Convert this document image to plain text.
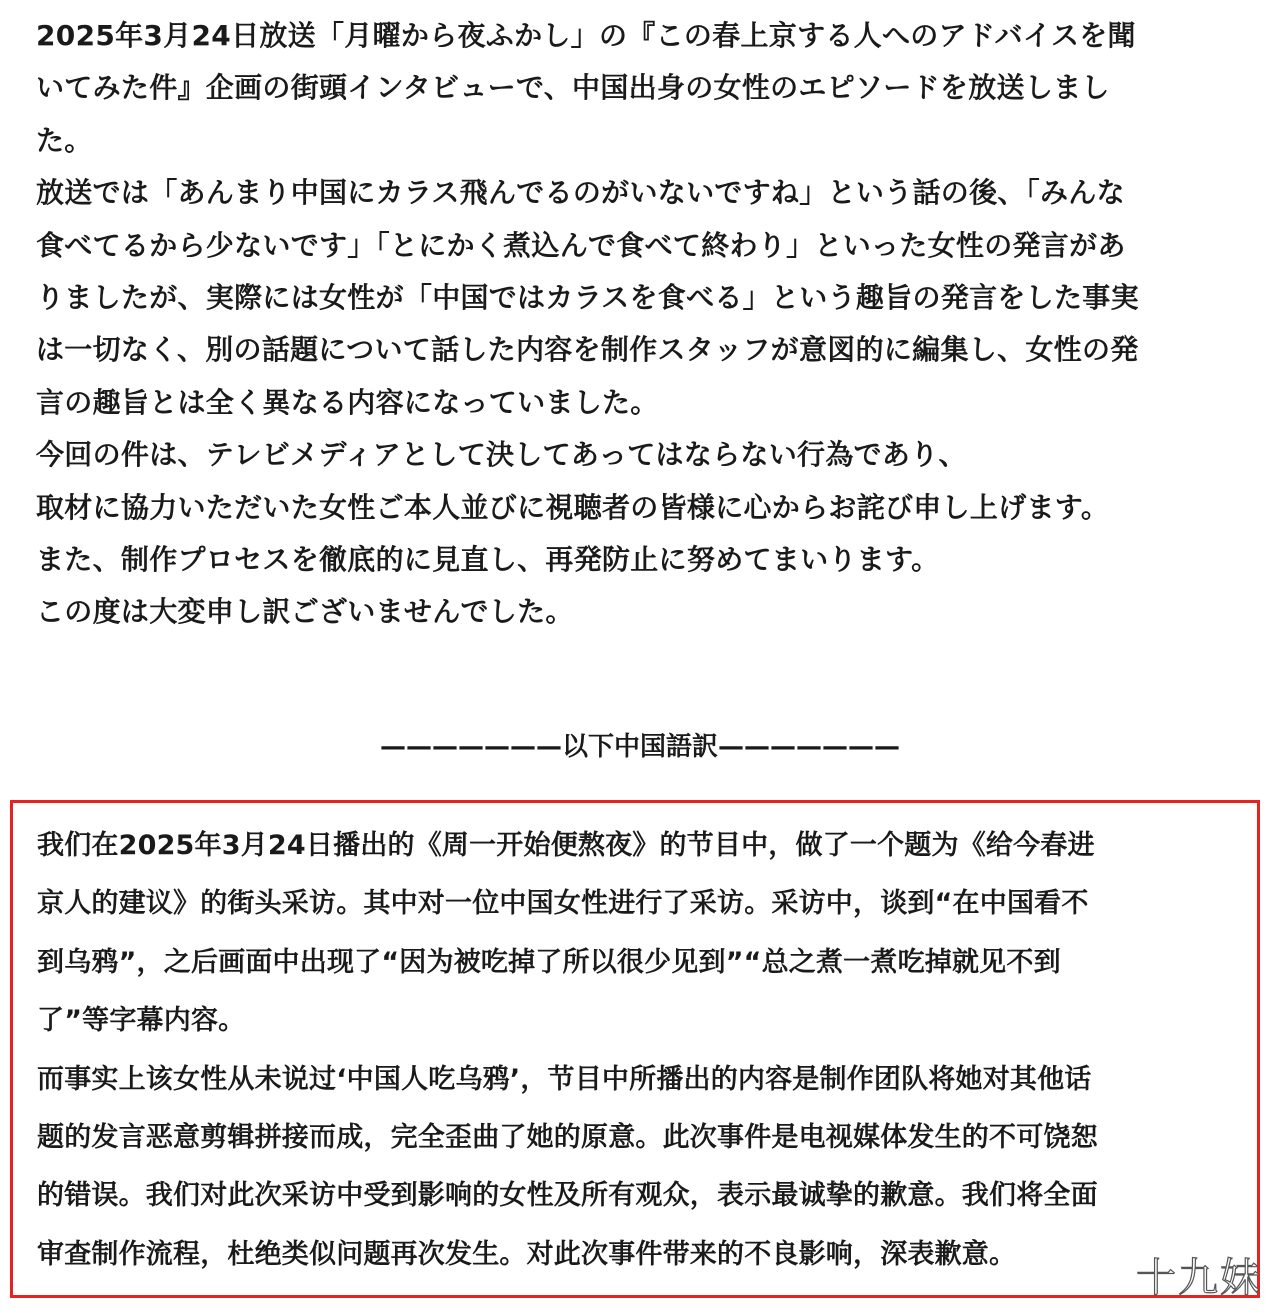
2025年3月24日放送「月曜から夜ふかし」の『この春上京する人へのアドバイスを聞
いてみた件』企画の街頭インタビューで、中国出身の女性のエピソードを放送しまし
た。
放送では「あんまり中国にカラス飛んでるのがいないですね」という話の後、「みんな
食べてるから少ないです」「とにかく煮込んで食べて終わり」といった女性の発言があ
りましたが、実際には女性が「中国ではカラスを食べる」という趣旨の発言をした事実
は一切なく、別の話題について話した内容を制作スタッフが意図的に編集し、女性の発
言の趣旨とは全く異なる内容になっていました。
今回の件は、テレビメディアとして決してあってはならない行為であり、
取材に協力いただいた女性ご本人並びに視聴者の皆様に心からお詫び申し上げます。
また、制作プロセスを徹底的に見直し、再発防止に努めてまいります。
この度は大変申し訳ございませんでした。
———————以下中国語訳———————
我们在2025年3月24日播出的《周一开始便熬夜》的节目中，做了一个题为《给今春进
京人的建议》的街头采访。其中对一位中国女性进行了采访。采访中，谈到“在中国看不
到乌鸦”，之后画面中出现了“因为被吃掉了所以很少见到”“总之煮一煮吃掉就见不到
了”等字幕内容。
而事实上该女性从未说过‘中国人吃乌鸦’，节目中所播出的内容是制作团队将她对其他话
题的发言恶意剪辑拼接而成，完全歪曲了她的原意。此次事件是电视媒体发生的不可饶恕
的错误。我们对此次采访中受到影响的女性及所有观众，表示最诚挚的歉意。我们将全面
审查制作流程，杜绝类似问题再次发生。对此次事件带来的不良影响，深表歉意。
十九妹
